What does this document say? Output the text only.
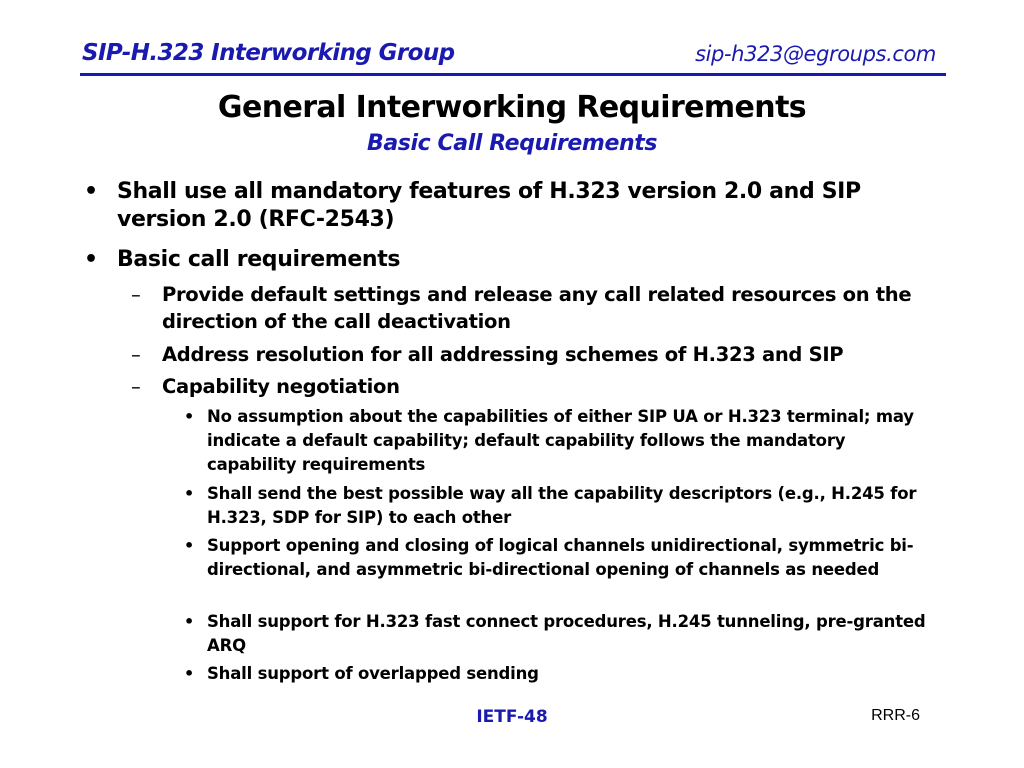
SIP-H.323 Interworking Group	sip-h323@egroups.com
General Interworking Requirements
Basic Call Requirements
• Shall use all mandatory features of H.323 version 2.0 and SIP version 2.0 (RFC-2543)

• Basic call requirements

– Provide default settings and release any call related resources on the direction of the call deactivation

– Address resolution for all addressing schemes of H.323 and SIP

– Capability negotiation

• No assumption about the capabilities of either SIP UA or H.323 terminal; may indicate a default capability; default capability follows the mandatory capability requirements

• Shall send the best possible way all the capability descriptors (e.g., H.245 for H.323, SDP for SIP) to each other

• Support opening and closing of logical channels unidirectional, symmetric bi-directional, and asymmetric bi-directional opening of channels as needed

• Shall support for H.323 fast connect procedures, H.245 tunneling, pre-granted ARQ

• Shall support of overlapped sending

IETF-48	RRR-6
